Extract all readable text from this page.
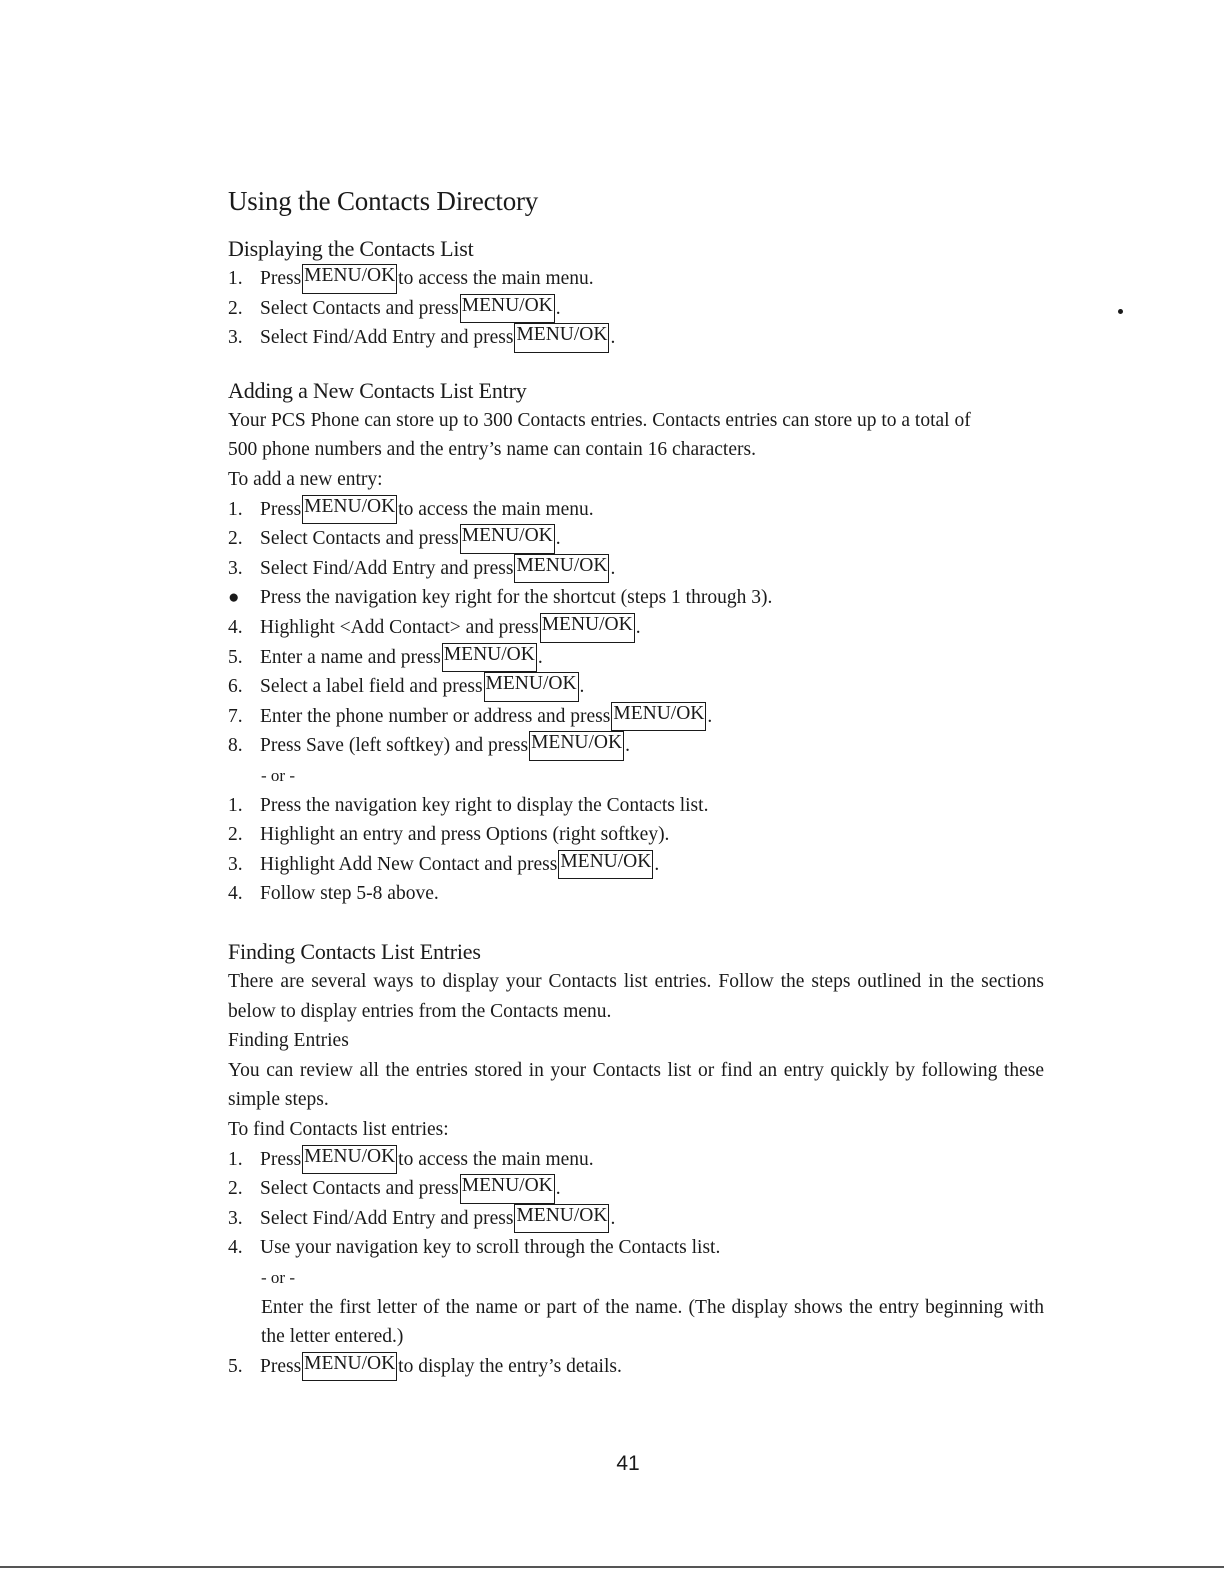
Using the Contacts Directory
Displaying the Contacts List
1. Press MENU/OK to access the main menu.
2. Select Contacts and press MENU/OK .
3. Select Find/Add Entry and press MENU/OK .
Adding a New Contacts List Entry

Your PCS Phone can store up to 300 Contacts entries. Contacts entries can store up to a total of

500 phone numbers and the entry’s name can contain 16 characters.

To add a new entry:

1. Press MENU/OK to access the main menu.
2. Select Contacts and press MENU/OK .
3. Select Find/Add Entry and press MENU/OK .
●	Press the navigation key right for the shortcut (steps 1 through 3).
4. Highlight <Add Contact> and press MENU/OK .
5. Enter a name and press MENU/OK .
6. Select a label field and press MENU/OK .
7. Enter the phone number or address and press MENU/OK .
8. Press Save (left softkey) and press MENU/OK .
- or -
1. Press the navigation key right to display the Contacts list.
2. Highlight an entry and press Options (right softkey).
3. Highlight Add New Contact and press MENU/OK .
4. Follow step 5-8 above.
Finding Contacts List Entries

There are several ways to display your Contacts list entries. Follow the steps outlined in the sections below to display entries from the Contacts menu.

Finding Entries

You can review all the entries stored in your Contacts list or find an entry quickly by following these simple steps.

To find Contacts list entries:

1. Press MENU/OK to access the main menu.
2. Select Contacts and press MENU/OK .
3. Select Find/Add Entry and press MENU/OK .
4. Use your navigation key to scroll through the Contacts list.
- or -

Enter the first letter of the name or part of the name. (The display shows the entry beginning with the letter entered.)

5. Press MENU/OK to display the entry’s details.
41
